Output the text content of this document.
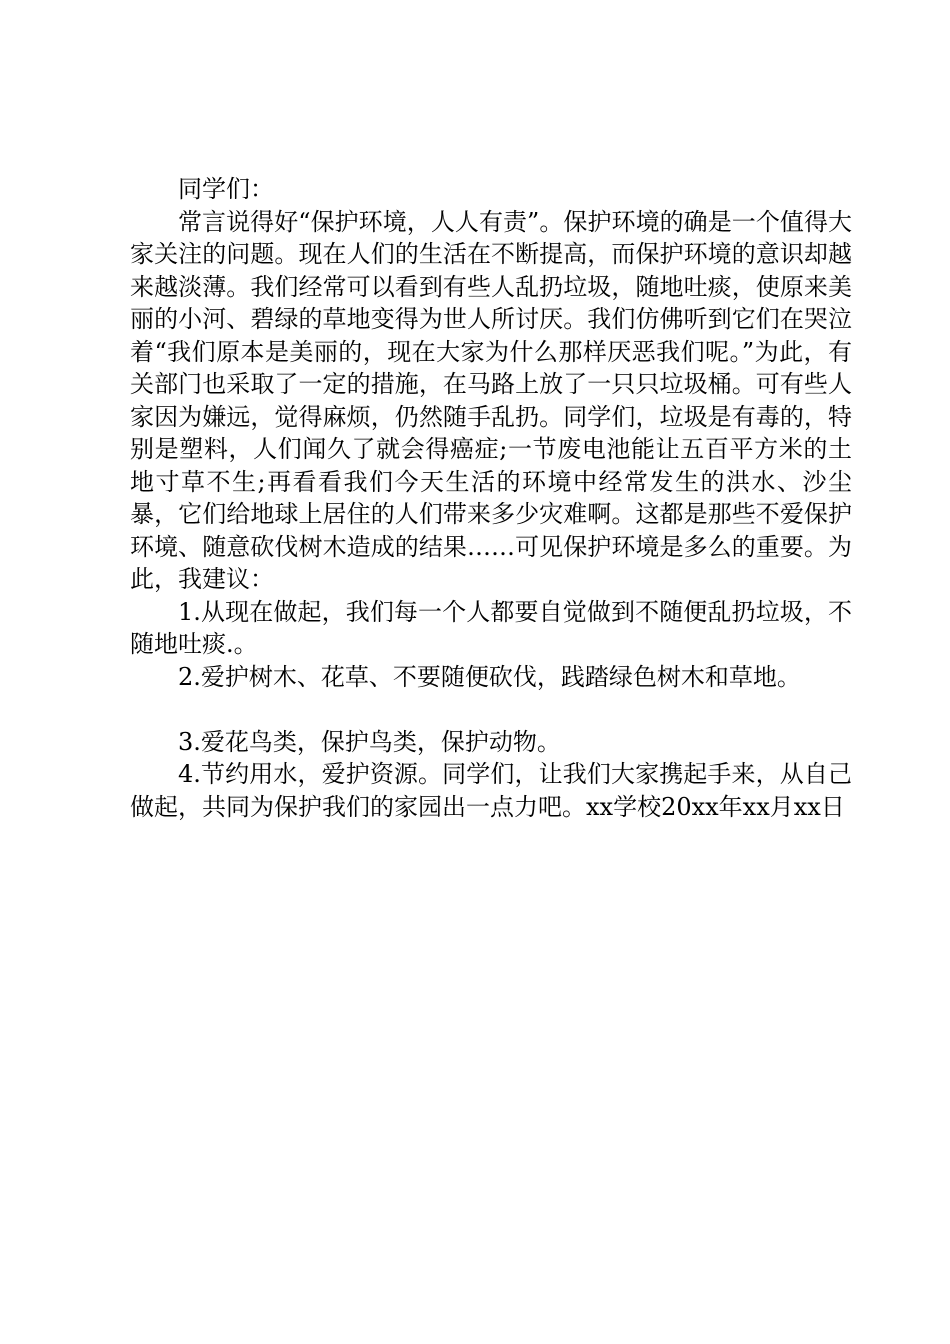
同学们：

常言说得好“保护环境，人人有责”。保护环境的确是一个值得大家关注的问题。现在人们的生活在不断提高，而保护环境的意识却越来越淡薄。我们经常可以看到有些人乱扔垃圾，随地吐痰，使原来美丽的小河、碧绿的草地变得为世人所讨厌。我们仿佛听到它们在哭泣着“我们原本是美丽的，现在大家为什么那样厌恶我们呢。”为此，有关部门也采取了一定的措施，在马路上放了一只只垃圾桶。可有些人家因为嫌远，觉得麻烦，仍然随手乱扔。同学们，垃圾是有毒的，特别是塑料，人们闻久了就会得癌症;一节废电池能让五百平方米的土地寸草不生;再看看我们今天生活的环境中经常发生的洪水、沙尘暴，它们给地球上居住的人们带来多少灾难啊。这都是那些不爱保护环境、随意砍伐树木造成的结果……可见保护环境是多么的重要。为此，我建议：

1.从现在做起，我们每一个人都要自觉做到不随便乱扔垃圾，不随地吐痰.。

2.爱护树木、花草、不要随便砍伐，践踏绿色树木和草地。

3.爱花鸟类，保护鸟类，保护动物。

4.节约用水，爱护资源。同学们，让我们大家携起手来，从自己做起，共同为保护我们的家园出一点力吧。xx学校20xx年xx月xx日
